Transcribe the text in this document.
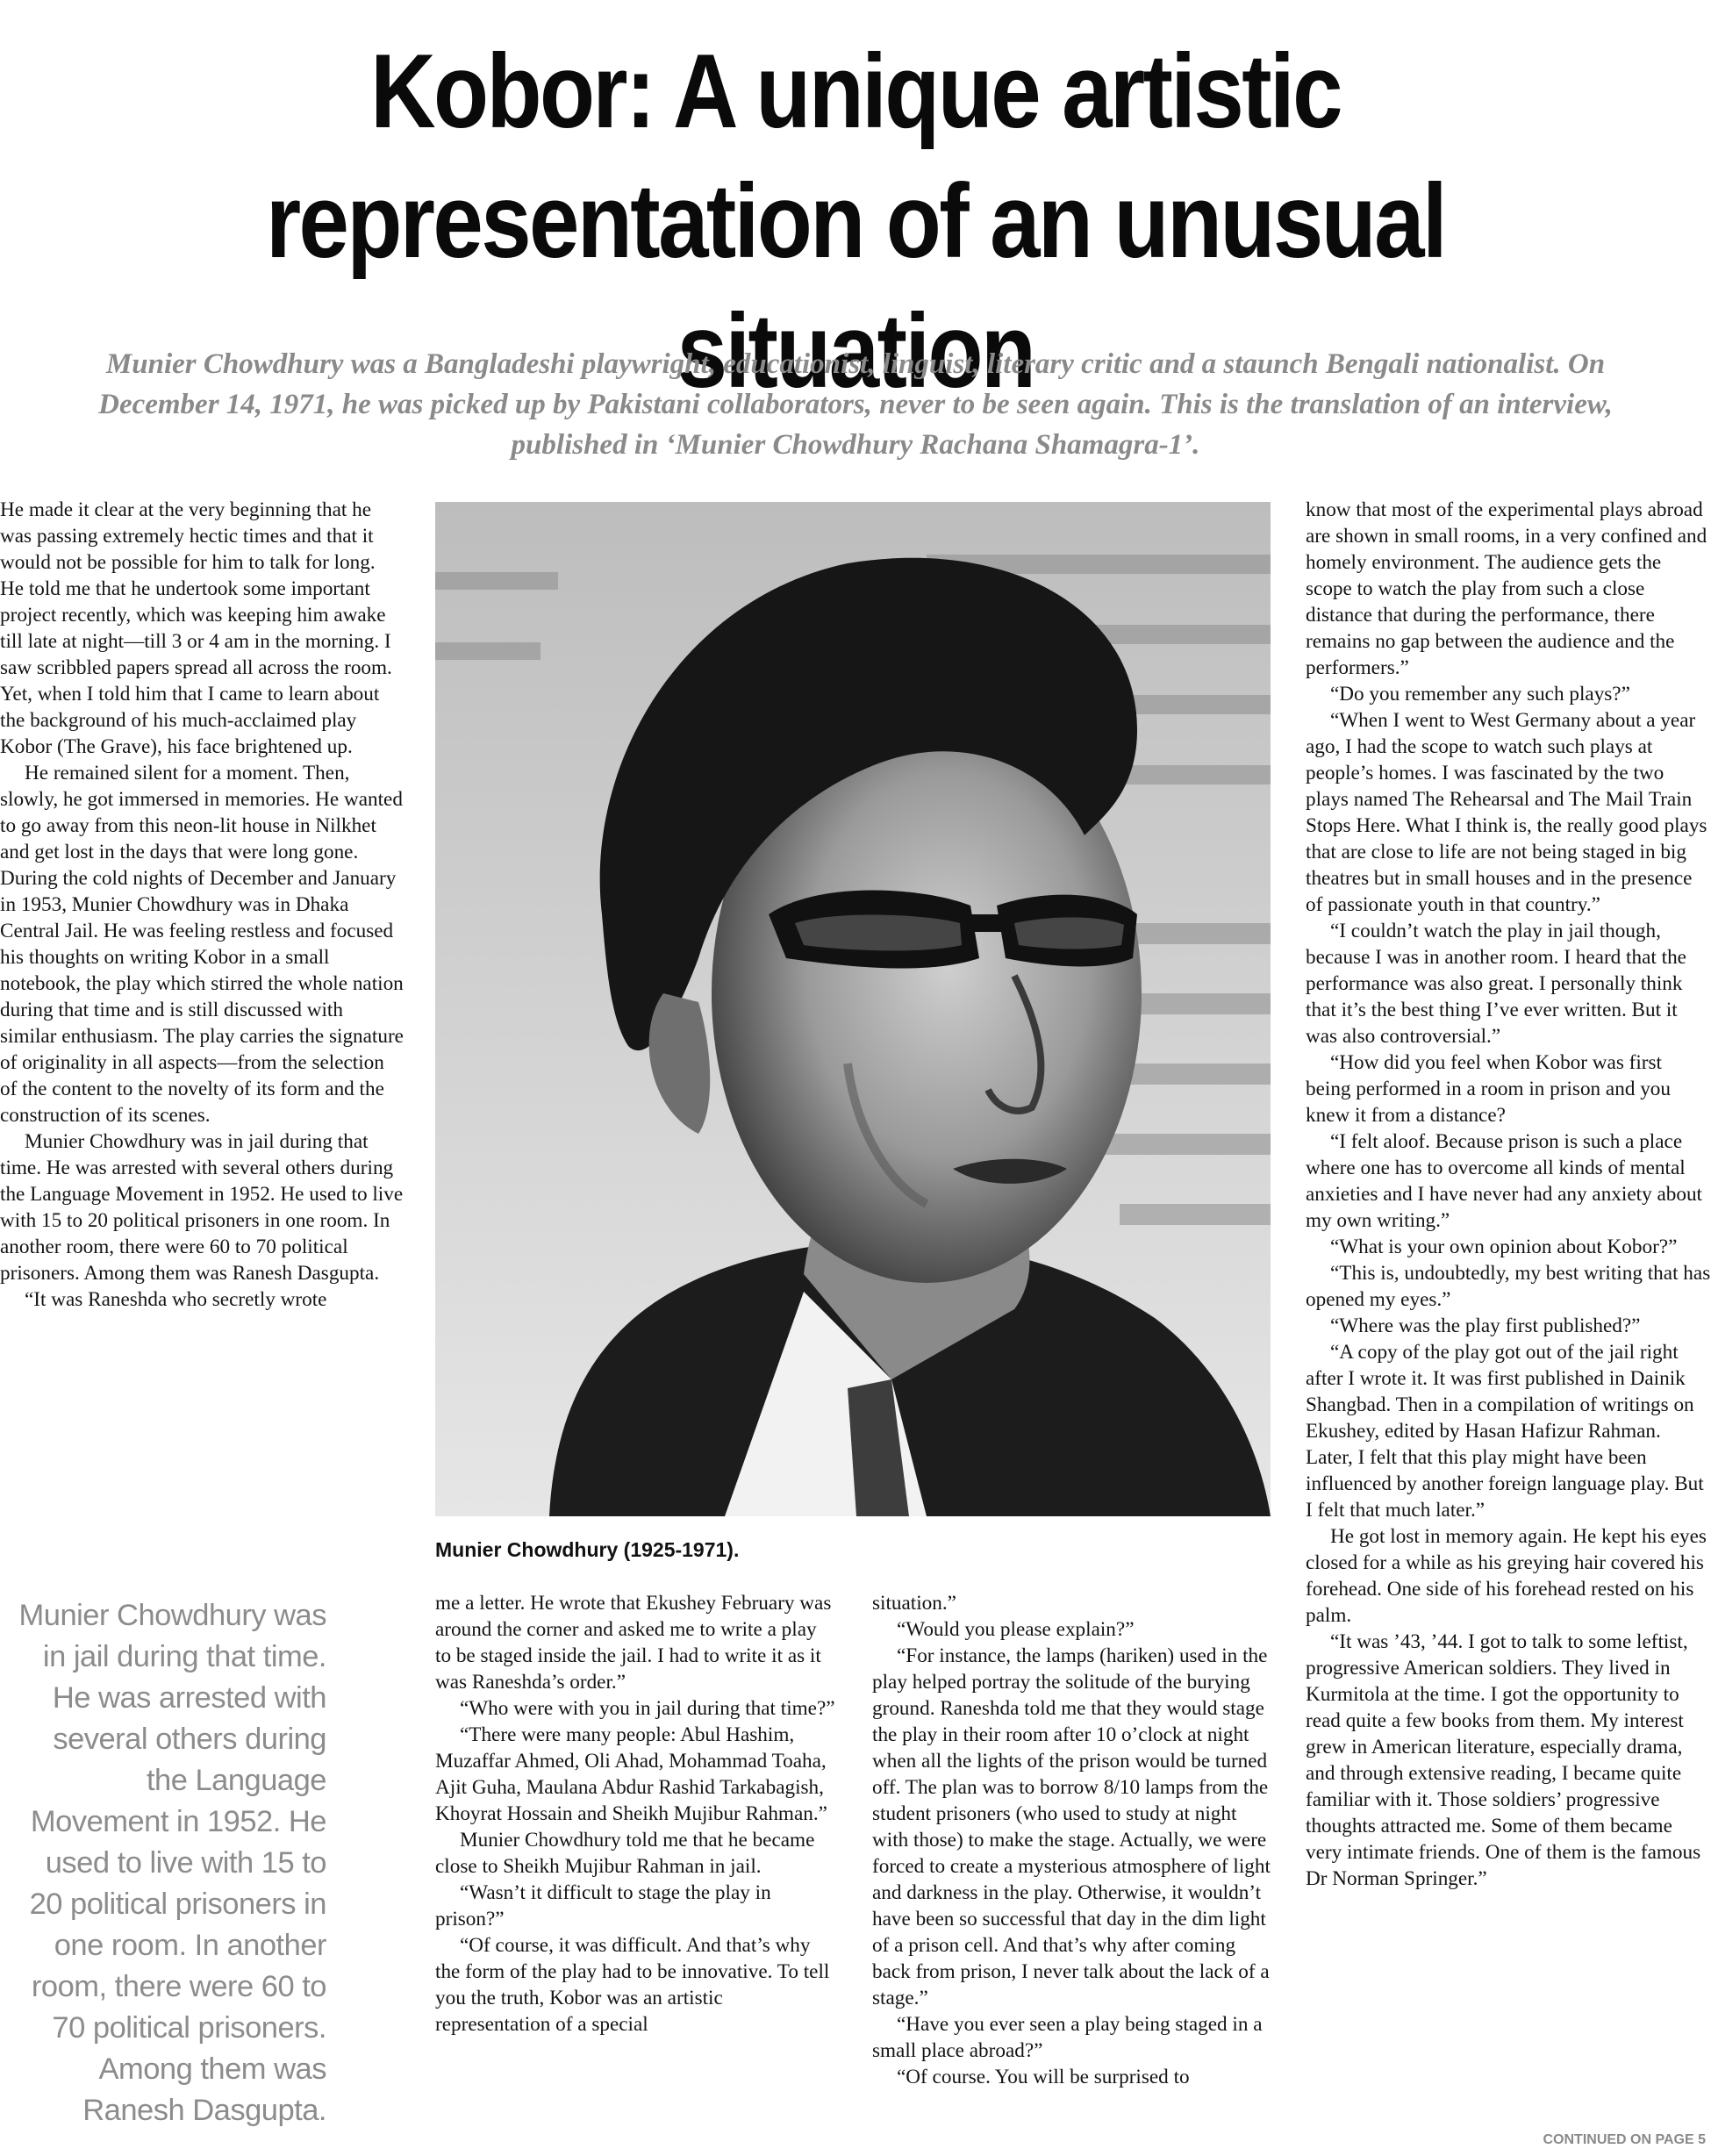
Kobor: A unique artistic
representation of an unusual situation

Munier Chowdhury was a Bangladeshi playwright, educationist, linguist, literary critic and a staunch Bengali nationalist. On December 14, 1971, he was picked up by Pakistani collaborators, never to be seen again. This is the translation of an interview, published in ‘Munier Chowdhury Rachana Shamagra-1’.

He made it clear at the very beginning that he was passing extremely hectic times and that it would not be possible for him to talk for long. He told me that he undertook some important project recently, which was keeping him awake till late at night—till 3 or 4 am in the morning. I saw scribbled papers spread all across the room. Yet, when I told him that I came to learn about the background of his much-acclaimed play Kobor (The Grave), his face brightened up.

He remained silent for a moment. Then, slowly, he got immersed in memories. He wanted to go away from this neon-lit house in Nilkhet and get lost in the days that were long gone. During the cold nights of December and January in 1953, Munier Chowdhury was in Dhaka Central Jail. He was feeling restless and focused his thoughts on writing Kobor in a small notebook, the play which stirred the whole nation during that time and is still discussed with similar enthusiasm. The play carries the signature of originality in all aspects—from the selection of the content to the novelty of its form and the construction of its scenes.

Munier Chowdhury was in jail during that time. He was arrested with several others during the Language Movement in 1952. He used to live with 15 to 20 political prisoners in one room. In another room, there were 60 to 70 political prisoners. Among them was Ranesh Dasgupta.

“It was Raneshda who secretly wrote

Munier Chowdhury (1925-1971).
Munier Chowdhury was in jail during that time. He was arrested with several others during the Language Movement in 1952. He used to live with 15 to 20 political prisoners in one room. In another room, there were 60 to 70 political prisoners. Among them was Ranesh Dasgupta.

me a letter. He wrote that Ekushey February was around the corner and asked me to write a play to be staged inside the jail. I had to write it as it was Raneshda’s order.”

“Who were with you in jail during that time?”

“There were many people: Abul Hashim, Muzaffar Ahmed, Oli Ahad, Mohammad Toaha, Ajit Guha, Maulana Abdur Rashid Tarkabagish, Khoyrat Hossain and Sheikh Mujibur Rahman.”

Munier Chowdhury told me that he became close to Sheikh Mujibur Rahman in jail.

“Wasn’t it difficult to stage the play in prison?”

“Of course, it was difficult. And that’s why the form of the play had to be innovative. To tell you the truth, Kobor was an artistic representation of a special

situation.”

“Would you please explain?”

“For instance, the lamps (hariken) used in the play helped portray the solitude of the burying ground. Raneshda told me that they would stage the play in their room after 10 o’clock at night when all the lights of the prison would be turned off. The plan was to borrow 8/10 lamps from the student prisoners (who used to study at night with those) to make the stage. Actually, we were forced to create a mysterious atmosphere of light and darkness in the play. Otherwise, it wouldn’t have been so successful that day in the dim light of a prison cell. And that’s why after coming back from prison, I never talk about the lack of a stage.”

“Have you ever seen a play being staged in a small place abroad?”

“Of course. You will be surprised to

know that most of the experimental plays abroad are shown in small rooms, in a very confined and homely environment. The audience gets the scope to watch the play from such a close distance that during the performance, there remains no gap between the audience and the performers.”

“Do you remember any such plays?”

“When I went to West Germany about a year ago, I had the scope to watch such plays at people’s homes. I was fascinated by the two plays named The Rehearsal and The Mail Train Stops Here. What I think is, the really good plays that are close to life are not being staged in big theatres but in small houses and in the presence of passionate youth in that country.”

“I couldn’t watch the play in jail though, because I was in another room. I heard that the performance was also great. I personally think that it’s the best thing I’ve ever written. But it was also controversial.”

“How did you feel when Kobor was first being performed in a room in prison and you knew it from a distance?

“I felt aloof. Because prison is such a place where one has to overcome all kinds of mental anxieties and I have never had any anxiety about my own writing.”

“What is your own opinion about Kobor?”

“This is, undoubtedly, my best writing that has opened my eyes.”

“Where was the play first published?”

“A copy of the play got out of the jail right after I wrote it. It was first published in Dainik Shangbad. Then in a compilation of writings on Ekushey, edited by Hasan Hafizur Rahman. Later, I felt that this play might have been influenced by another foreign language play. But I felt that much later.”

He got lost in memory again. He kept his eyes closed for a while as his greying hair covered his forehead. One side of his forehead rested on his palm.

“It was ’43, ’44. I got to talk to some leftist, progressive American soldiers. They lived in Kurmitola at the time. I got the opportunity to read quite a few books from them. My interest grew in American literature, especially drama, and through extensive reading, I became quite familiar with it. Those soldiers’ progressive thoughts attracted me. Some of them became very intimate friends. One of them is the famous Dr Norman Springer.”

CONTINUED ON PAGE 5
